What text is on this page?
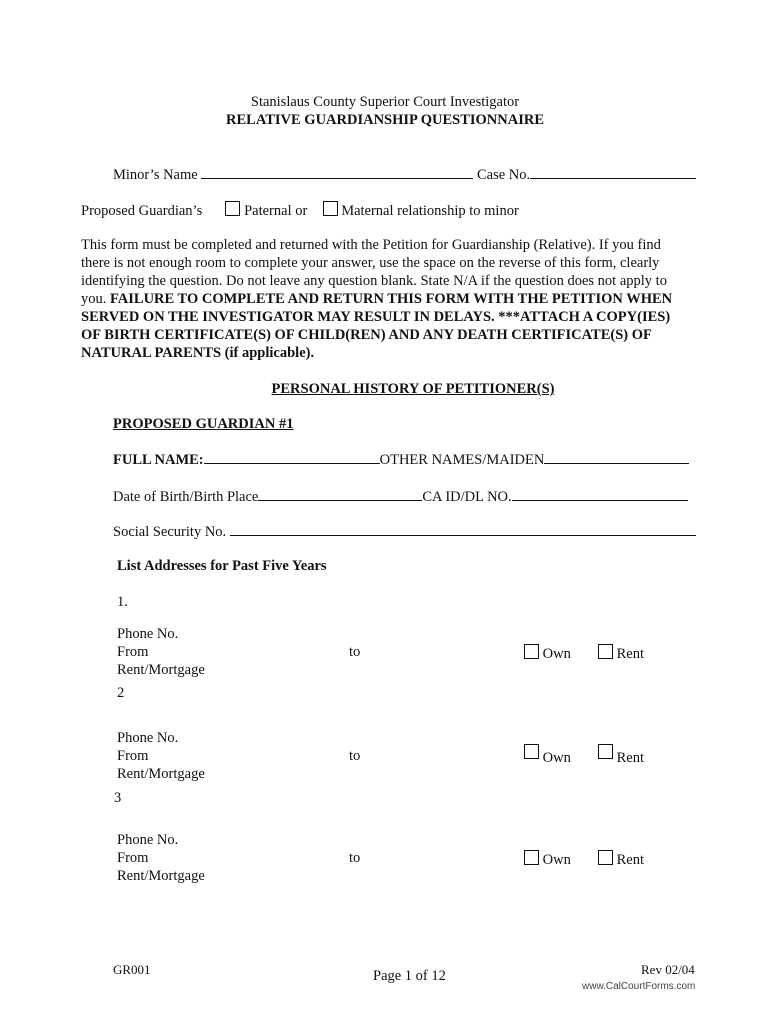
Stanislaus County Superior Court Investigator
RELATIVE GUARDIANSHIP QUESTIONNAIRE
Minor’s Name	Case No.
Proposed Guardian’s	Paternal or Maternal relationship to minor
This form must be completed and returned with the Petition for Guardianship (Relative). If you find there is not enough room to complete your answer, use the space on the reverse of this form, clearly identifying the question. Do not leave any question blank. State N/A if the question does not apply to you. FAILURE TO COMPLETE AND RETURN THIS FORM WITH THE PETITION WHEN SERVED ON THE INVESTIGATOR MAY RESULT IN DELAYS. ***ATTACH A COPY(IES) OF BIRTH CERTIFICATE(S) OF CHILD(REN) AND ANY DEATH CERTIFICATE(S) OF NATURAL PARENTS (if applicable).
PERSONAL HISTORY OF PETITIONER(S)
PROPOSED GUARDIAN #1
FULL NAME:	OTHER NAMES/MAIDEN
Date of Birth/Birth Place	CA ID/DL NO.
Social Security No.
List Addresses for Past Five Years
1.
Phone No.
From	to	Own	Rent
Rent/Mortgage
2
Phone No.
From	to	Own	Rent
Rent/Mortgage
3
Phone No.
From	to	Own	Rent
Rent/Mortgage
GR001	Page 1 of 12	Rev 02/04
www.CalCourtForms.com
